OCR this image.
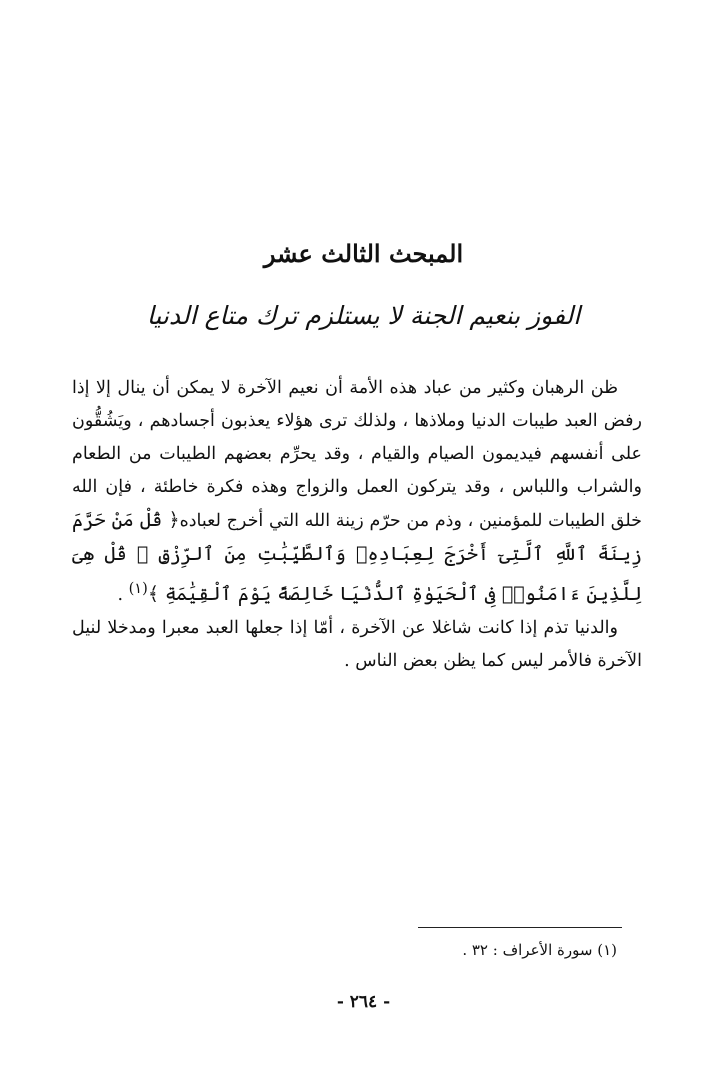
المبحث الثالث عشر
الفوز بنعيم الجنة لا يستلزم ترك متاع الدنيا

ظن الرهبان وكثير من عباد هذه الأمة أن نعيم الآخرة لا يمكن أن ينال إلا إذا رفض العبد طيبات الدنيا وملاذها ، ولذلك ترى هؤلاء يعذبون أجسادهم ، ويَشُقُّون على أنفسهم فيديمون الصيام والقيام ، وقد يحرِّم بعضهم الطيبات من الطعام والشراب واللباس ، وقد يتركون العمل والزواج وهذه فكرة خاطئة ، فإن الله خلق الطيبات للمؤمنين ، وذم من حرّم زينة الله التي أخرج لعباده﴿ قُلْ مَنْ حَرَّمَ زِينَةَ ٱللَّهِ ٱلَّتِىٓ أَخْرَجَ لِعِبَادِهِۦ وَٱلطَّيِّبَٰتِ مِنَ ٱلرِّزْقِ ۚ قُلْ هِىَ لِلَّذِينَ ءَامَنُوا۟ فِى ٱلْحَيَوٰةِ ٱلدُّنْيَا خَالِصَةً يَوْمَ ٱلْقِيَٰمَةِ ﴾$^{(١)}$ .

والدنيا تذم إذا كانت شاغلا عن الآخرة ، أمّا إذا جعلها العبد معبرا ومدخلا لنيل الآخرة فالأمر ليس كما يظن بعض الناس .

(١) سورة الأعراف : ٣٢ .
- ٢٦٤ -
